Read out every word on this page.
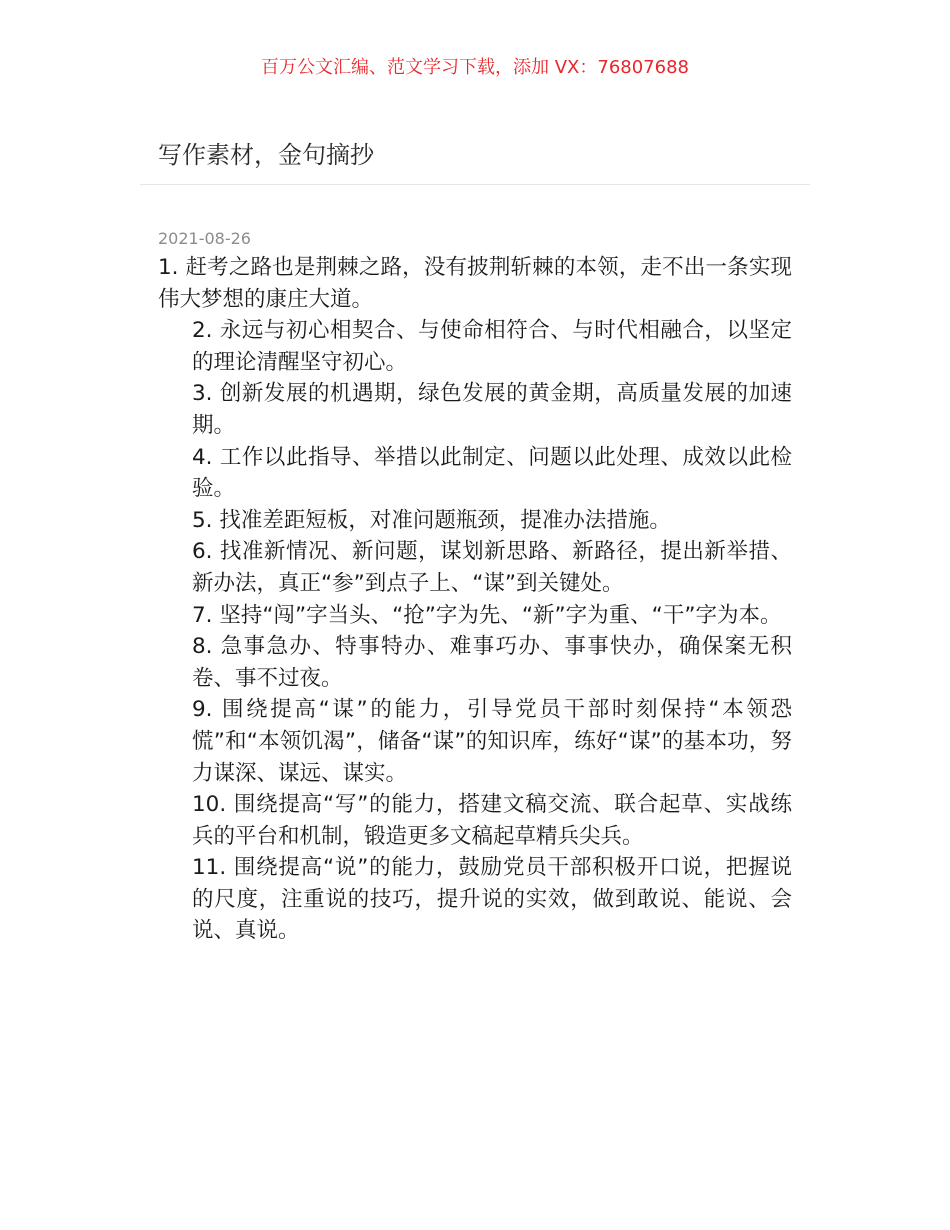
百万公文汇编、范文学习下载，添加 VX：76807688
写作素材，金句摘抄
2021-08-26

1. 赶考之路也是荆棘之路，没有披荆斩棘的本领，走不出一条实现伟大梦想的康庄大道。

2. 永远与初心相契合、与使命相符合、与时代相融合，以坚定的理论清醒坚守初心。

3. 创新发展的机遇期，绿色发展的黄金期，高质量发展的加速期。

4. 工作以此指导、举措以此制定、问题以此处理、成效以此检验。

5. 找准差距短板，对准问题瓶颈，提准办法措施。

6. 找准新情况、新问题，谋划新思路、新路径，提出新举措、新办法，真正“参”到点子上、“谋”到关键处。

7. 坚持“闯”字当头、“抢”字为先、“新”字为重、“干”字为本。

8. 急事急办、特事特办、难事巧办、事事快办，确保案无积卷、事不过夜。

9. 围绕提高“谋”的能力，引导党员干部时刻保持“本领恐慌”和“本领饥渴”，储备“谋”的知识库，练好“谋”的基本功，努力谋深、谋远、谋实。

10. 围绕提高“写”的能力，搭建文稿交流、联合起草、实战练兵的平台和机制，锻造更多文稿起草精兵尖兵。

11. 围绕提高“说”的能力，鼓励党员干部积极开口说，把握说的尺度，注重说的技巧，提升说的实效，做到敢说、能说、会说、真说。
